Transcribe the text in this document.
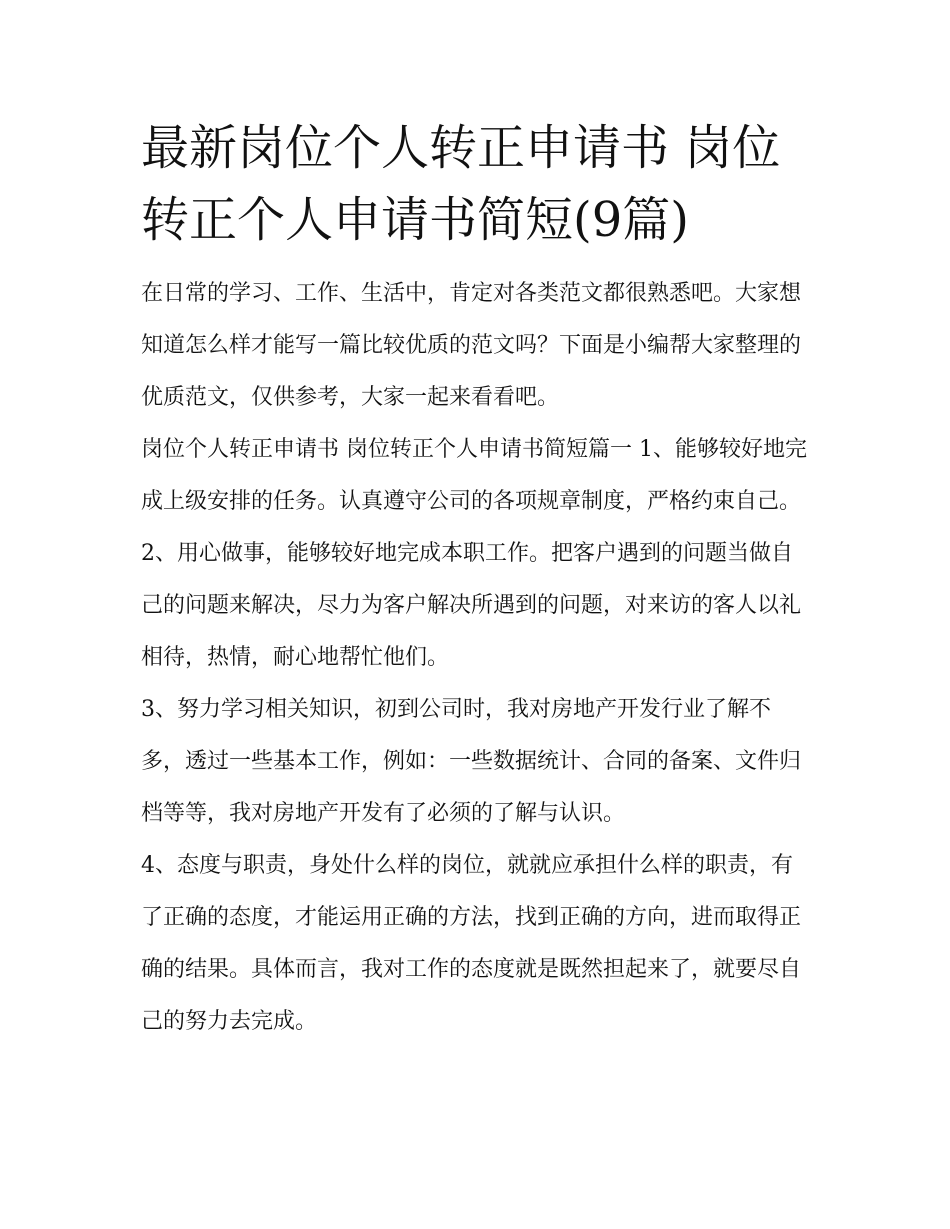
最新岗位个人转正申请书 岗位转正个人申请书简短(9篇)

在日常的学习、工作、生活中，肯定对各类范文都很熟悉吧。大家想知道怎么样才能写一篇比较优质的范文吗？下面是小编帮大家整理的优质范文，仅供参考，大家一起来看看吧。

岗位个人转正申请书 岗位转正个人申请书简短篇一 1、能够较好地完成上级安排的任务。认真遵守公司的各项规章制度，严格约束自己。

2、用心做事，能够较好地完成本职工作。把客户遇到的问题当做自己的问题来解决，尽力为客户解决所遇到的问题，对来访的客人以礼相待，热情，耐心地帮忙他们。

3、努力学习相关知识，初到公司时，我对房地产开发行业了解不多，透过一些基本工作，例如：一些数据统计、合同的备案、文件归档等等，我对房地产开发有了必须的了解与认识。

4、态度与职责，身处什么样的岗位，就就应承担什么样的职责，有了正确的态度，才能运用正确的方法，找到正确的方向，进而取得正确的结果。具体而言，我对工作的态度就是既然担起来了，就要尽自己的努力去完成。
